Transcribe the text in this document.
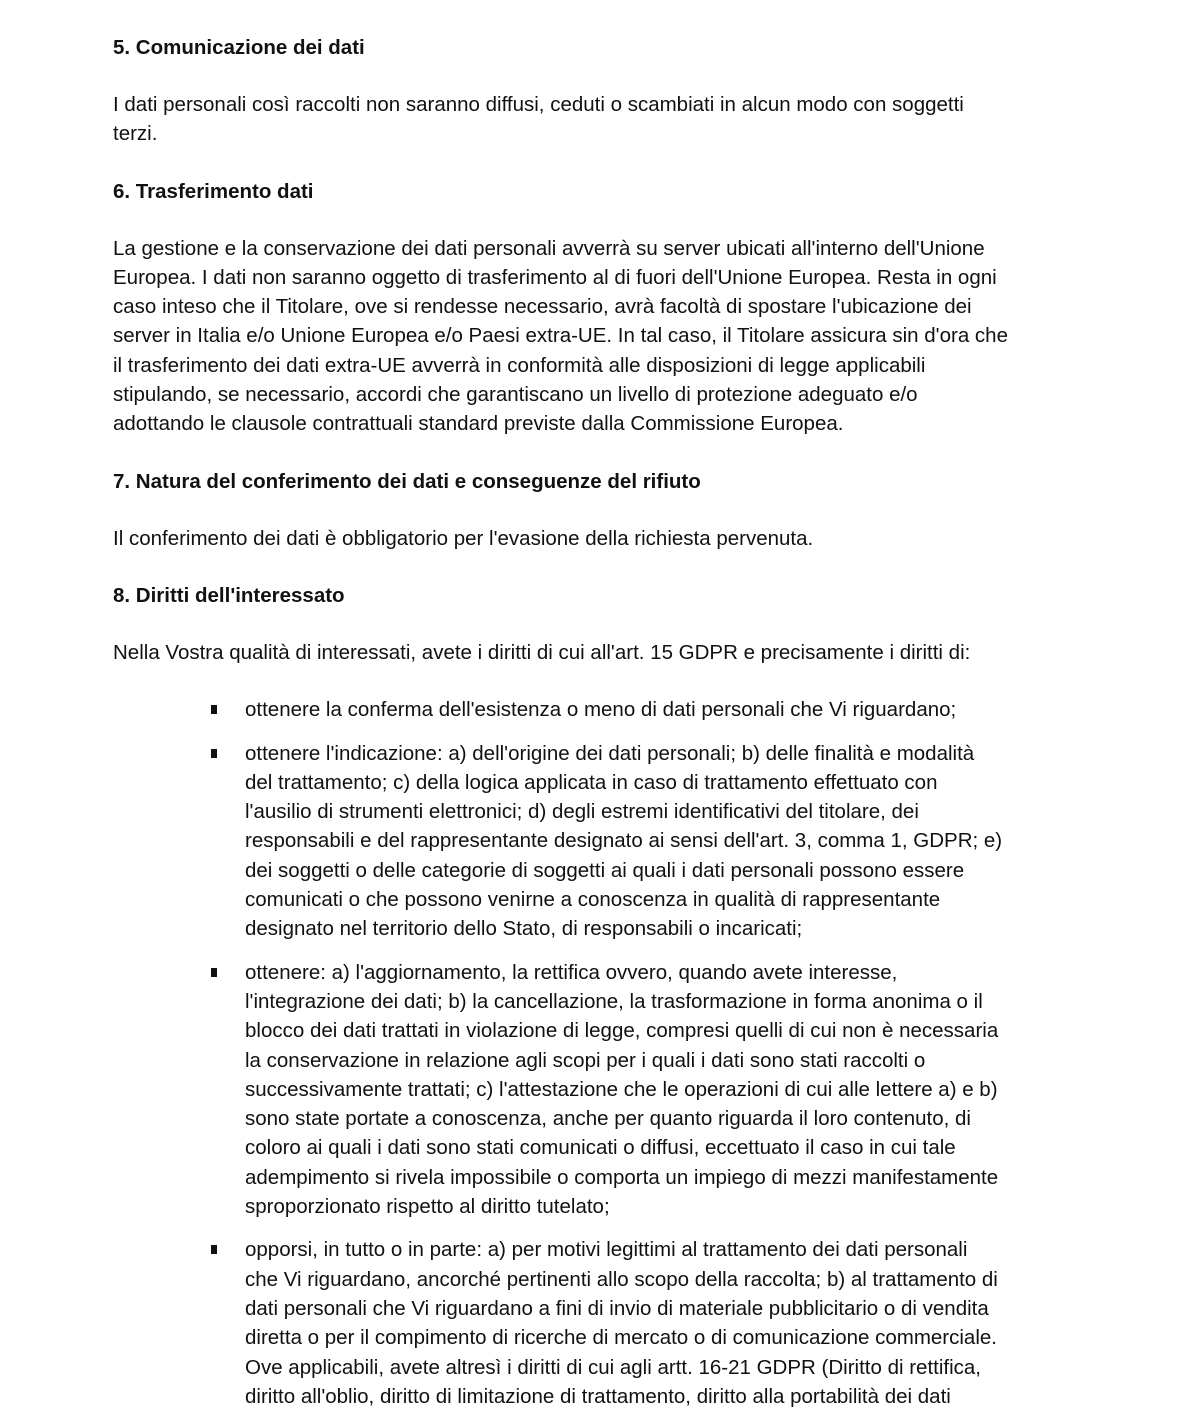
5. Comunicazione dei dati

I dati personali così raccolti non saranno diffusi, ceduti o scambiati in alcun modo con soggetti
terzi.

6. Trasferimento dati

La gestione e la conservazione dei dati personali avverrà su server ubicati all'interno dell'Unione
Europea. I dati non saranno oggetto di trasferimento al di fuori dell'Unione Europea. Resta in ogni
caso inteso che il Titolare, ove si rendesse necessario, avrà facoltà di spostare l'ubicazione dei
server in Italia e/o Unione Europea e/o Paesi extra-UE. In tal caso, il Titolare assicura sin d'ora che
il trasferimento dei dati extra-UE avverrà in conformità alle disposizioni di legge applicabili
stipulando, se necessario, accordi che garantiscano un livello di protezione adeguato e/o
adottando le clausole contrattuali standard previste dalla Commissione Europea.

7. Natura del conferimento dei dati e conseguenze del rifiuto

Il conferimento dei dati è obbligatorio per l'evasione della richiesta pervenuta.

8. Diritti dell'interessato

Nella Vostra qualità di interessati, avete i diritti di cui all'art. 15 GDPR e precisamente i diritti di:

ottenere la conferma dell'esistenza o meno di dati personali che Vi riguardano;
ottenere l'indicazione: a) dell'origine dei dati personali; b) delle finalità e modalità
del trattamento; c) della logica applicata in caso di trattamento effettuato con
l'ausilio di strumenti elettronici; d) degli estremi identificativi del titolare, dei
responsabili e del rappresentante designato ai sensi dell'art. 3, comma 1, GDPR; e)
dei soggetti o delle categorie di soggetti ai quali i dati personali possono essere
comunicati o che possono venirne a conoscenza in qualità di rappresentante
designato nel territorio dello Stato, di responsabili o incaricati;
ottenere: a) l'aggiornamento, la rettifica ovvero, quando avete interesse,
l'integrazione dei dati; b) la cancellazione, la trasformazione in forma anonima o il
blocco dei dati trattati in violazione di legge, compresi quelli di cui non è necessaria
la conservazione in relazione agli scopi per i quali i dati sono stati raccolti o
successivamente trattati; c) l'attestazione che le operazioni di cui alle lettere a) e b)
sono state portate a conoscenza, anche per quanto riguarda il loro contenuto, di
coloro ai quali i dati sono stati comunicati o diffusi, eccettuato il caso in cui tale
adempimento si rivela impossibile o comporta un impiego di mezzi manifestamente
sproporzionato rispetto al diritto tutelato;
opporsi, in tutto o in parte: a) per motivi legittimi al trattamento dei dati personali
che Vi riguardano, ancorché pertinenti allo scopo della raccolta; b) al trattamento di
dati personali che Vi riguardano a fini di invio di materiale pubblicitario o di vendita
diretta o per il compimento di ricerche di mercato o di comunicazione commerciale.
Ove applicabili, avete altresì i diritti di cui agli artt. 16-21 GDPR (Diritto di rettifica,
diritto all'oblio, diritto di limitazione di trattamento, diritto alla portabilità dei dati
